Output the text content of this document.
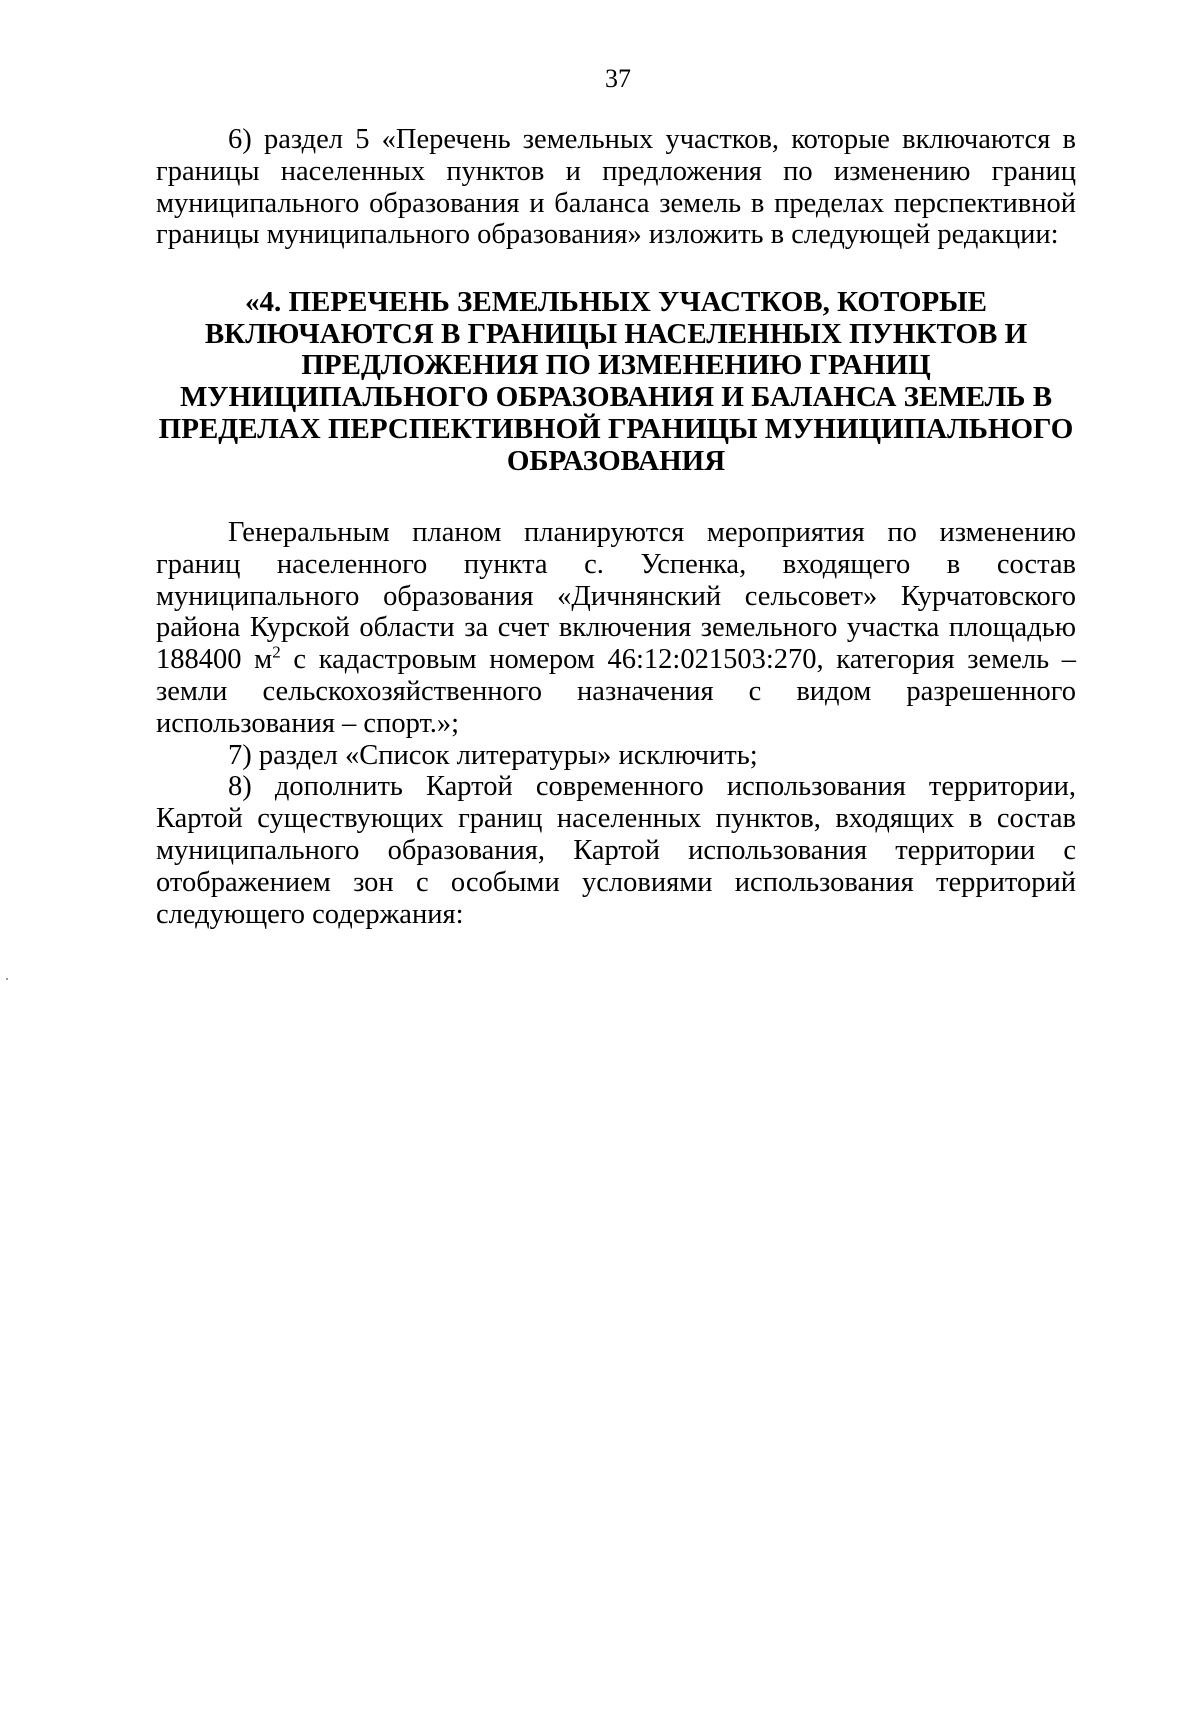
37

6) раздел 5 «Перечень земельных участков, которые включаются в границы населенных пунктов и предложения по изменению границ муниципального образования и баланса земель в пределах перспективной границы муниципального образования» изложить в следующей редакции:

«4. ПЕРЕЧЕНЬ ЗЕМЕЛЬНЫХ УЧАСТКОВ, КОТОРЫЕ
ВКЛЮЧАЮТСЯ В ГРАНИЦЫ НАСЕЛЕННЫХ ПУНКТОВ И
ПРЕДЛОЖЕНИЯ ПО ИЗМЕНЕНИЮ ГРАНИЦ
МУНИЦИПАЛЬНОГО ОБРАЗОВАНИЯ И БАЛАНСА ЗЕМЕЛЬ В
ПРЕДЕЛАХ ПЕРСПЕКТИВНОЙ ГРАНИЦЫ МУНИЦИПАЛЬНОГО
ОБРАЗОВАНИЯ

Генеральным планом планируются мероприятия по изменению границ населенного пункта с. Успенка, входящего в состав муниципального образования «Дичнянский сельсовет» Курчатовского района Курской области за счет включения земельного участка площадью 188400 $м^2$ с кадастровым номером 46:12:021503:270, категория земель – земли сельскохозяйственного назначения с видом разрешенного использования – спорт.»;

7) раздел «Список литературы» исключить;

8) дополнить Картой современного использования территории, Картой существующих границ населенных пунктов, входящих в состав муниципального образования, Картой использования территории с отображением зон с особыми условиями использования территорий следующего содержания:
